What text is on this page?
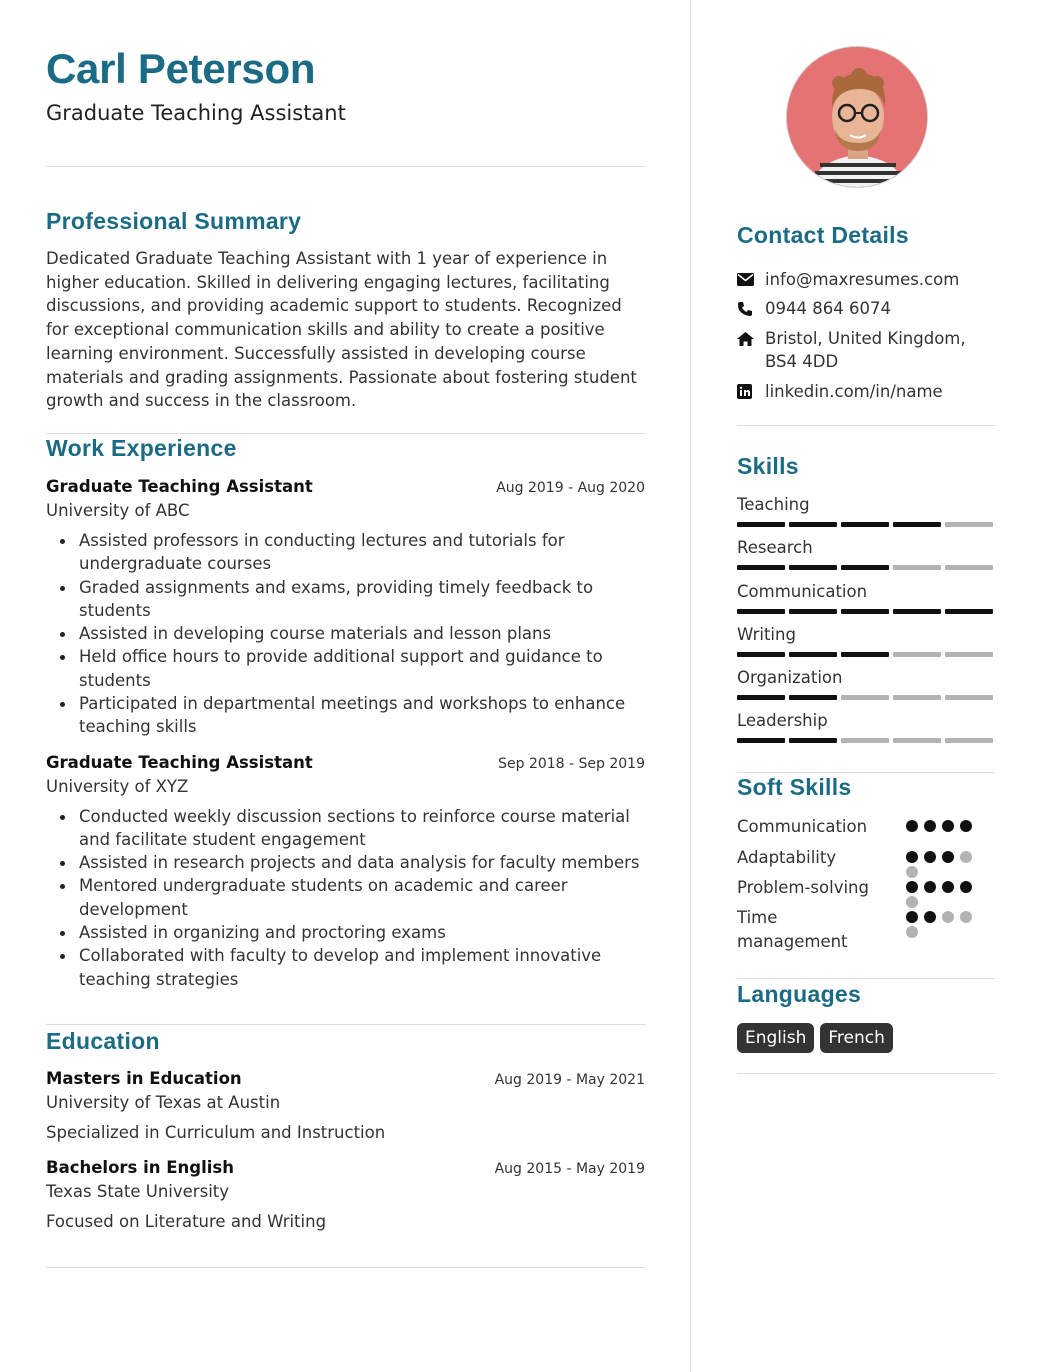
Carl Peterson
Graduate Teaching Assistant
Professional Summary
Dedicated Graduate Teaching Assistant with 1 year of experience in higher education. Skilled in delivering engaging lectures, facilitating discussions, and providing academic support to students. Recognized for exceptional communication skills and ability to create a positive learning environment. Successfully assisted in developing course materials and grading assignments. Passionate about fostering student growth and success in the classroom.
Work Experience
Graduate Teaching Assistant	Aug 2019 - Aug 2020
University of ABC
Assisted professors in conducting lectures and tutorials for undergraduate courses
Graded assignments and exams, providing timely feedback to students
Assisted in developing course materials and lesson plans
Held office hours to provide additional support and guidance to students
Participated in departmental meetings and workshops to enhance teaching skills
Graduate Teaching Assistant	Sep 2018 - Sep 2019
University of XYZ
Conducted weekly discussion sections to reinforce course material and facilitate student engagement
Assisted in research projects and data analysis for faculty members
Mentored undergraduate students on academic and career development
Assisted in organizing and proctoring exams
Collaborated with faculty to develop and implement innovative teaching strategies
Education
Masters in Education	Aug 2019 - May 2021
University of Texas at Austin
Specialized in Curriculum and Instruction
Bachelors in English	Aug 2015 - May 2019
Texas State University
Focused on Literature and Writing
Contact Details
info@maxresumes.com
0944 864 6074
Bristol, United Kingdom, BS4 4DD
linkedin.com/in/name
Skills
Teaching
Research
Communication
Writing
Organization
Leadership
Soft Skills
Communication
Adaptability
Problem-solving
Time management
Languages
English French
